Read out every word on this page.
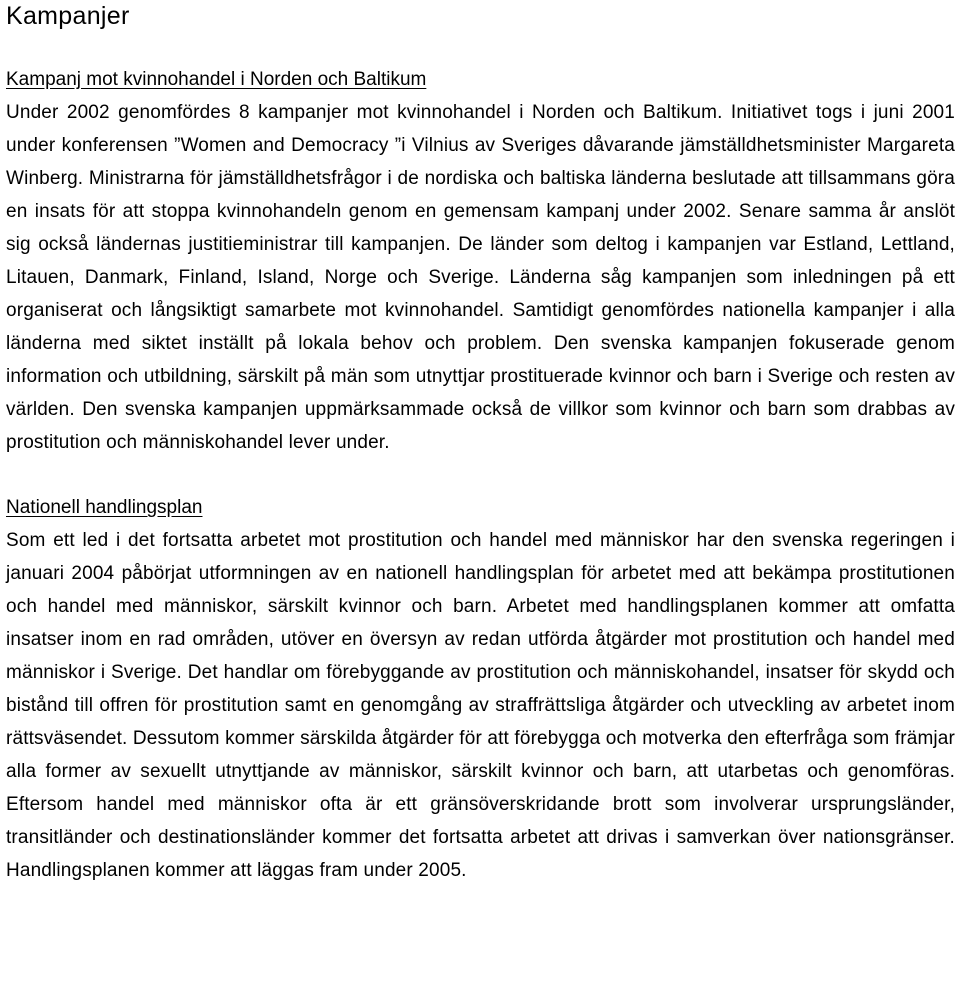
Kampanjer
Kampanj mot kvinnohandel i Norden och Baltikum

Under 2002 genomfördes 8 kampanjer mot kvinnohandel i Norden och Baltikum. Initiativet togs i juni 2001 under konferensen ”Women and Democracy ”i Vilnius av Sveriges dåvarande jämställdhetsminister Margareta Winberg. Ministrarna för jämställdhetsfrågor i de nordiska och baltiska länderna beslutade att tillsammans göra en insats för att stoppa kvinnohandeln genom en gemensam kampanj under 2002. Senare samma år anslöt sig också ländernas justitieministrar till kampanjen. De länder som deltog i kampanjen var Estland, Lettland, Litauen, Danmark, Finland, Island, Norge och Sverige. Länderna såg kampanjen som inledningen på ett organiserat och långsiktigt samarbete mot kvinnohandel. Samtidigt genomfördes nationella kampanjer i alla länderna med siktet inställt på lokala behov och problem. Den svenska kampanjen fokuserade genom information och utbildning, särskilt på män som utnyttjar prostituerade kvinnor och barn i Sverige och resten av världen. Den svenska kampanjen uppmärksammade också de villkor som kvinnor och barn som drabbas av prostitution och människohandel lever under.

Nationell handlingsplan

Som ett led i det fortsatta arbetet mot prostitution och handel med människor har den svenska regeringen i januari 2004 påbörjat utformningen av en nationell handlingsplan för arbetet med att bekämpa prostitutionen och handel med människor, särskilt kvinnor och barn. Arbetet med handlingsplanen kommer att omfatta insatser inom en rad områden, utöver en översyn av redan utförda åtgärder mot prostitution och handel med människor i Sverige. Det handlar om förebyggande av prostitution och människohandel, insatser för skydd och bistånd till offren för prostitution samt en genomgång av straffrättsliga åtgärder och utveckling av arbetet inom rättsväsendet. Dessutom kommer särskilda åtgärder för att förebygga och motverka den efterfråga som främjar alla former av sexuellt utnyttjande av människor, särskilt kvinnor och barn, att utarbetas och genomföras. Eftersom handel med människor ofta är ett gränsöverskridande brott som involverar ursprungsländer, transitländer och destinationsländer kommer det fortsatta arbetet att drivas i samverkan över nationsgränser. Handlingsplanen kommer att läggas fram under 2005.
